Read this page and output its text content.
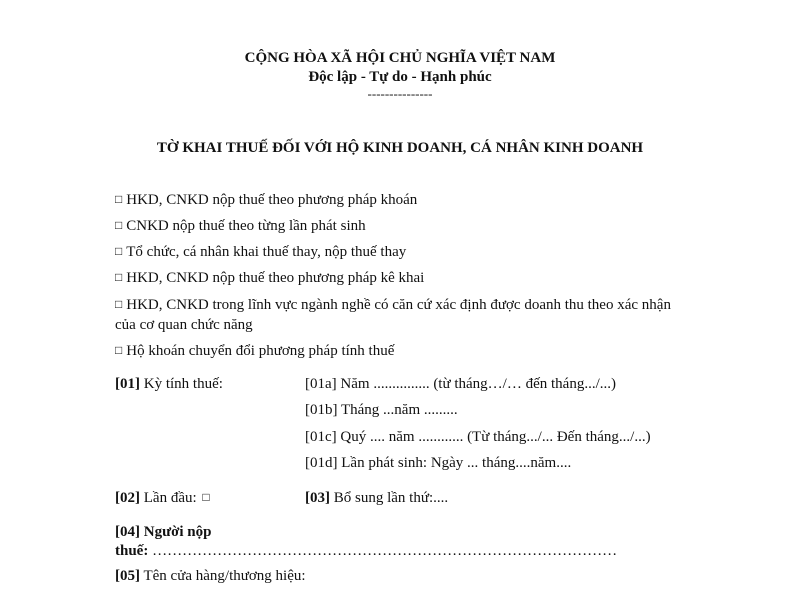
CỘNG HÒA XÃ HỘI CHỦ NGHĨA VIỆT NAM
Độc lập - Tự do - Hạnh phúc
---------------
TỜ KHAI THUẾ ĐỐI VỚI HỘ KINH DOANH, CÁ NHÂN KINH DOANH
□ HKD, CNKD nộp thuế theo phương pháp khoán
□ CNKD nộp thuế theo từng lần phát sinh
□ Tổ chức, cá nhân khai thuế thay, nộp thuế thay
□ HKD, CNKD nộp thuế theo phương pháp kê khai
□ HKD, CNKD trong lĩnh vực ngành nghề có căn cứ xác định được doanh thu theo xác nhận của cơ quan chức năng
□ Hộ khoán chuyển đổi phương pháp tính thuế
[01] Kỳ tính thuế:	[01a] Năm ............... (từ tháng…/… đến tháng.../...)
[01b] Tháng ...năm .........
[01c] Quý .... năm ............ (Từ tháng.../... Đến tháng.../...)
[01d] Lần phát sinh: Ngày ... tháng....năm....
[02] Lần đầu: □	[03] Bổ sung lần thứ:....
[04] Người nộp
thuế: …………………………………………………………………………………
[05] Tên cửa hàng/thương hiệu:
